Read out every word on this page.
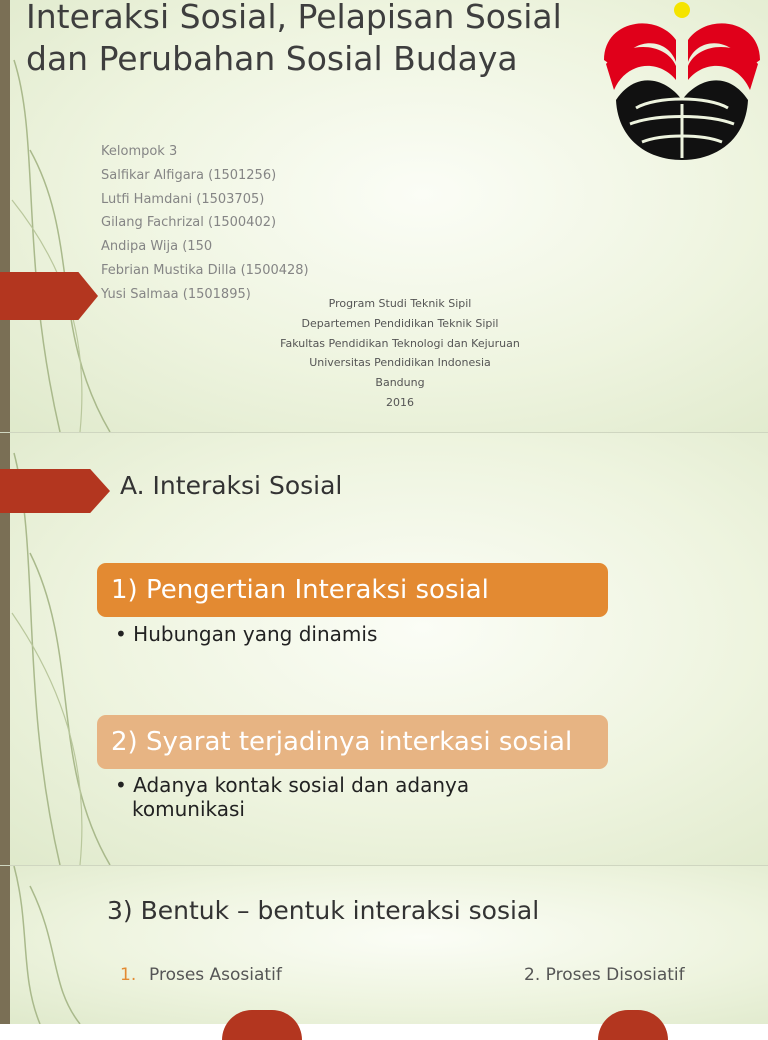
Interaksi Sosial, Pelapisan Sosial dan Perubahan Sosial Budaya
Kelompok 3
Salfikar Alfigara (1501256)
Lutfi Hamdani (1503705)
Gilang Fachrizal (1500402)
Andipa Wija (150
Febrian Mustika Dilla (1500428)
Yusi Salmaa (1501895)
Program Studi Teknik Sipil
Departemen Pendidikan Teknik Sipil
Fakultas Pendidikan Teknologi dan Kejuruan
Universitas Pendidikan Indonesia
Bandung
2016
A. Interaksi Sosial
1) Pengertian Interaksi sosial
• Hubungan yang dinamis
2) Syarat terjadinya interkasi sosial
• Adanya kontak sosial dan adanya komunikasi
3) Bentuk – bentuk interaksi sosial
1. Proses Asosiatif	2. Proses Disosiatif
